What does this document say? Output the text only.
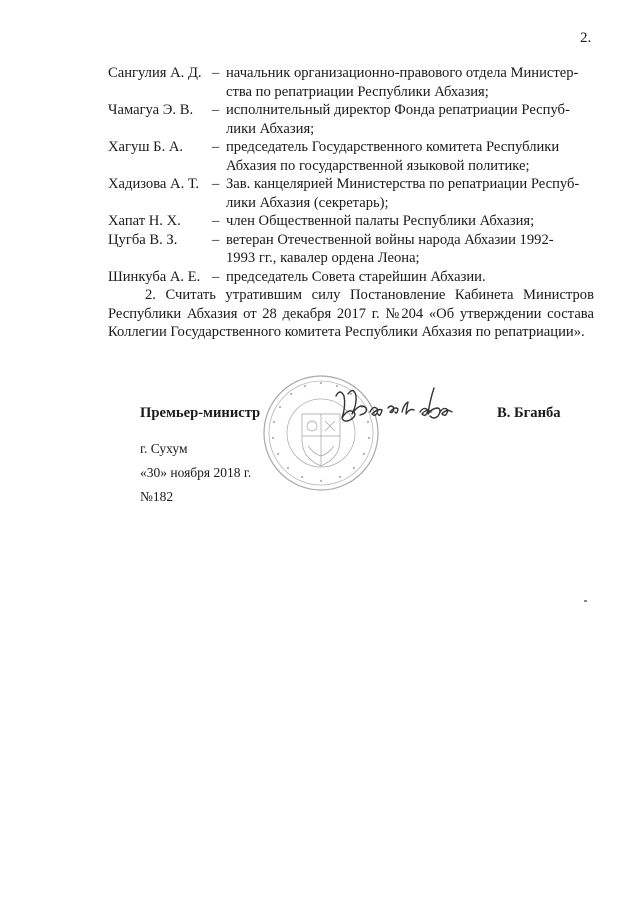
2.
Сангулия А. Д. – начальник организационно-правового отдела Министер-
ства по репатриации Республики Абхазия;
Чамагуа Э. В.	– исполнительный директор Фонда репатриации Респуб-
лики Абхазия;
Хагуш Б. А.	– председатель Государственного комитета Республики
Абхазия по государственной языковой политике;
Хадизова А. Т. – Зав. канцелярией Министерства по репатриации Респуб-
лики Абхазия (секретарь);
Хапат Н. Х.	– член Общественной палаты Республики Абхазия;
Цугба В. З.	– ветеран Отечественной войны народа Абхазии 1992-
1993 гг., кавалер ордена Леона;
Шинкуба А. Е. – председатель Совета старейшин Абхазии.

2. Считать утратившим силу Постановление Кабинета Министров Республики Абхазия от 28 декабря 2017 г. №204 «Об утверждении состава Коллегии Государственного комитета Республики Абхазия по репатриации».

Премьер-министр	В. Бганба
г. Сухум
«30» ноября 2018 г.
№182
